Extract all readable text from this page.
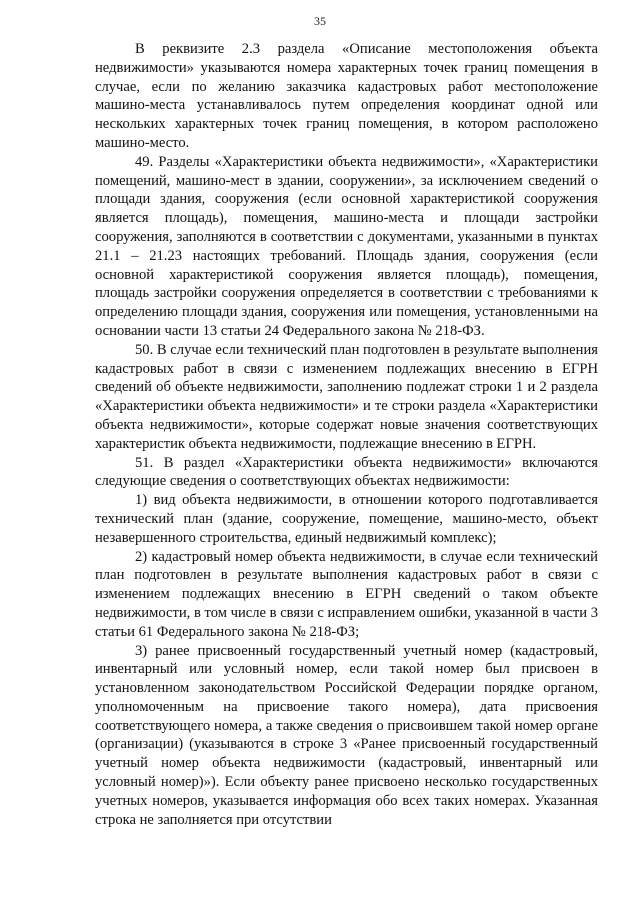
35

В реквизите 2.3 раздела «Описание местоположения объекта недвижимости» указываются номера характерных точек границ помещения в случае, если по желанию заказчика кадастровых работ местоположение машино-места устанавливалось путем определения координат одной или нескольких характерных точек границ помещения, в котором расположено машино-место.

49. Разделы «Характеристики объекта недвижимости», «Характеристики помещений, машино-мест в здании, сооружении», за исключением сведений о площади здания, сооружения (если основной характеристикой сооружения является площадь), помещения, машино-места и площади застройки сооружения, заполняются в соответствии с документами, указанными в пунктах 21.1 – 21.23 настоящих требований. Площадь здания, сооружения (если основной характеристикой сооружения является площадь), помещения, площадь застройки сооружения определяется в соответствии с требованиями к определению площади здания, сооружения или помещения, установленными на основании части 13 статьи 24 Федерального закона № 218-ФЗ.

50. В случае если технический план подготовлен в результате выполнения кадастровых работ в связи с изменением подлежащих внесению в ЕГРН сведений об объекте недвижимости, заполнению подлежат строки 1 и 2 раздела «Характеристики объекта недвижимости» и те строки раздела «Характеристики объекта недвижимости», которые содержат новые значения соответствующих характеристик объекта недвижимости, подлежащие внесению в ЕГРН.

51. В раздел «Характеристики объекта недвижимости» включаются следующие сведения о соответствующих объектах недвижимости:

1) вид объекта недвижимости, в отношении которого подготавливается технический план (здание, сооружение, помещение, машино-место, объект незавершенного строительства, единый недвижимый комплекс);

2) кадастровый номер объекта недвижимости, в случае если технический план подготовлен в результате выполнения кадастровых работ в связи с изменением подлежащих внесению в ЕГРН сведений о таком объекте недвижимости, в том числе в связи с исправлением ошибки, указанной в части 3 статьи 61 Федерального закона № 218-ФЗ;

3) ранее присвоенный государственный учетный номер (кадастровый, инвентарный или условный номер, если такой номер был присвоен в установленном законодательством Российской Федерации порядке органом, уполномоченным на присвоение такого номера), дата присвоения соответствующего номера, а также сведения о присвоившем такой номер органе (организации) (указываются в строке 3 «Ранее присвоенный государственный учетный номер объекта недвижимости (кадастровый, инвентарный или условный номер)»). Если объекту ранее присвоено несколько государственных учетных номеров, указывается информация обо всех таких номерах. Указанная строка не заполняется при отсутствии
